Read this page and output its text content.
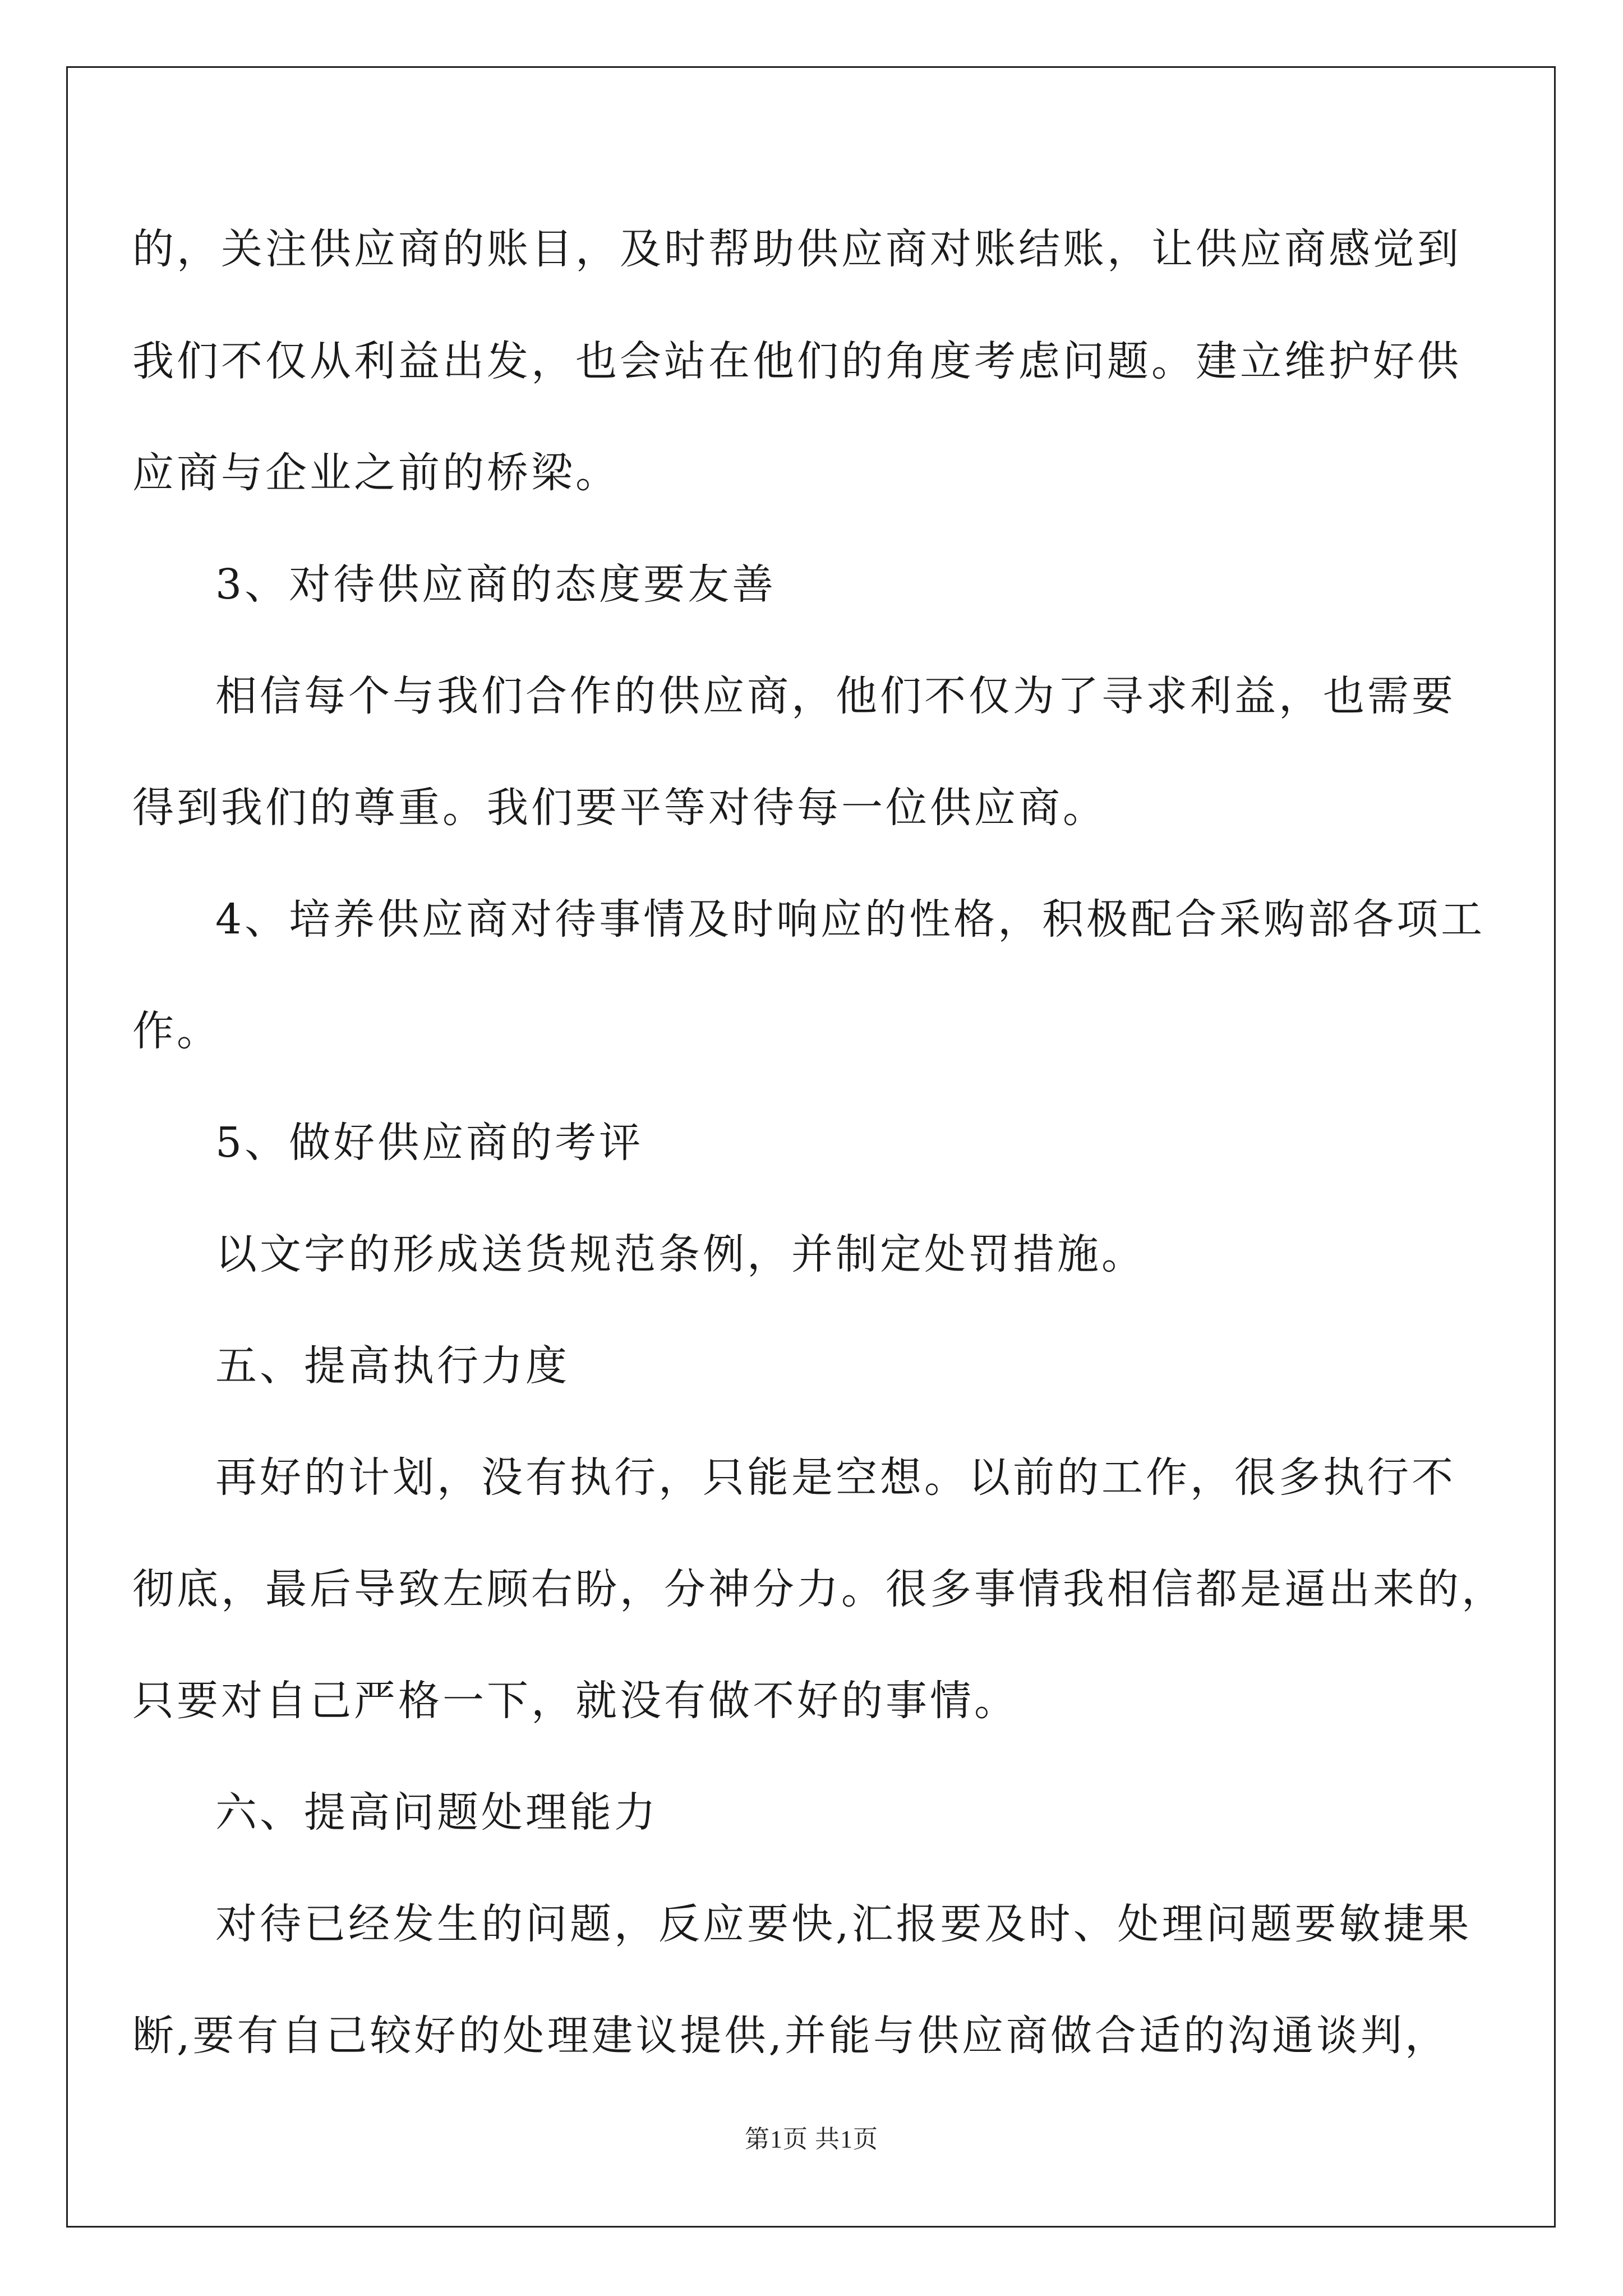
的，关注供应商的账目，及时帮助供应商对账结账，让供应商感觉到
我们不仅从利益出发，也会站在他们的角度考虑问题。建立维护好供
应商与企业之前的桥梁。
3、对待供应商的态度要友善
相信每个与我们合作的供应商，他们不仅为了寻求利益，也需要
得到我们的尊重。我们要平等对待每一位供应商。
4、培养供应商对待事情及时响应的性格，积极配合采购部各项工
作。
5、做好供应商的考评
以文字的形成送货规范条例，并制定处罚措施。
五、提高执行力度
再好的计划，没有执行，只能是空想。以前的工作，很多执行不
彻底，最后导致左顾右盼，分神分力。很多事情我相信都是逼出来的，
只要对自己严格一下，就没有做不好的事情。
六、提高问题处理能力
对待已经发生的问题，反应要快,汇报要及时、处理问题要敏捷果
断,要有自己较好的处理建议提供,并能与供应商做合适的沟通谈判，
第1页 共1页
